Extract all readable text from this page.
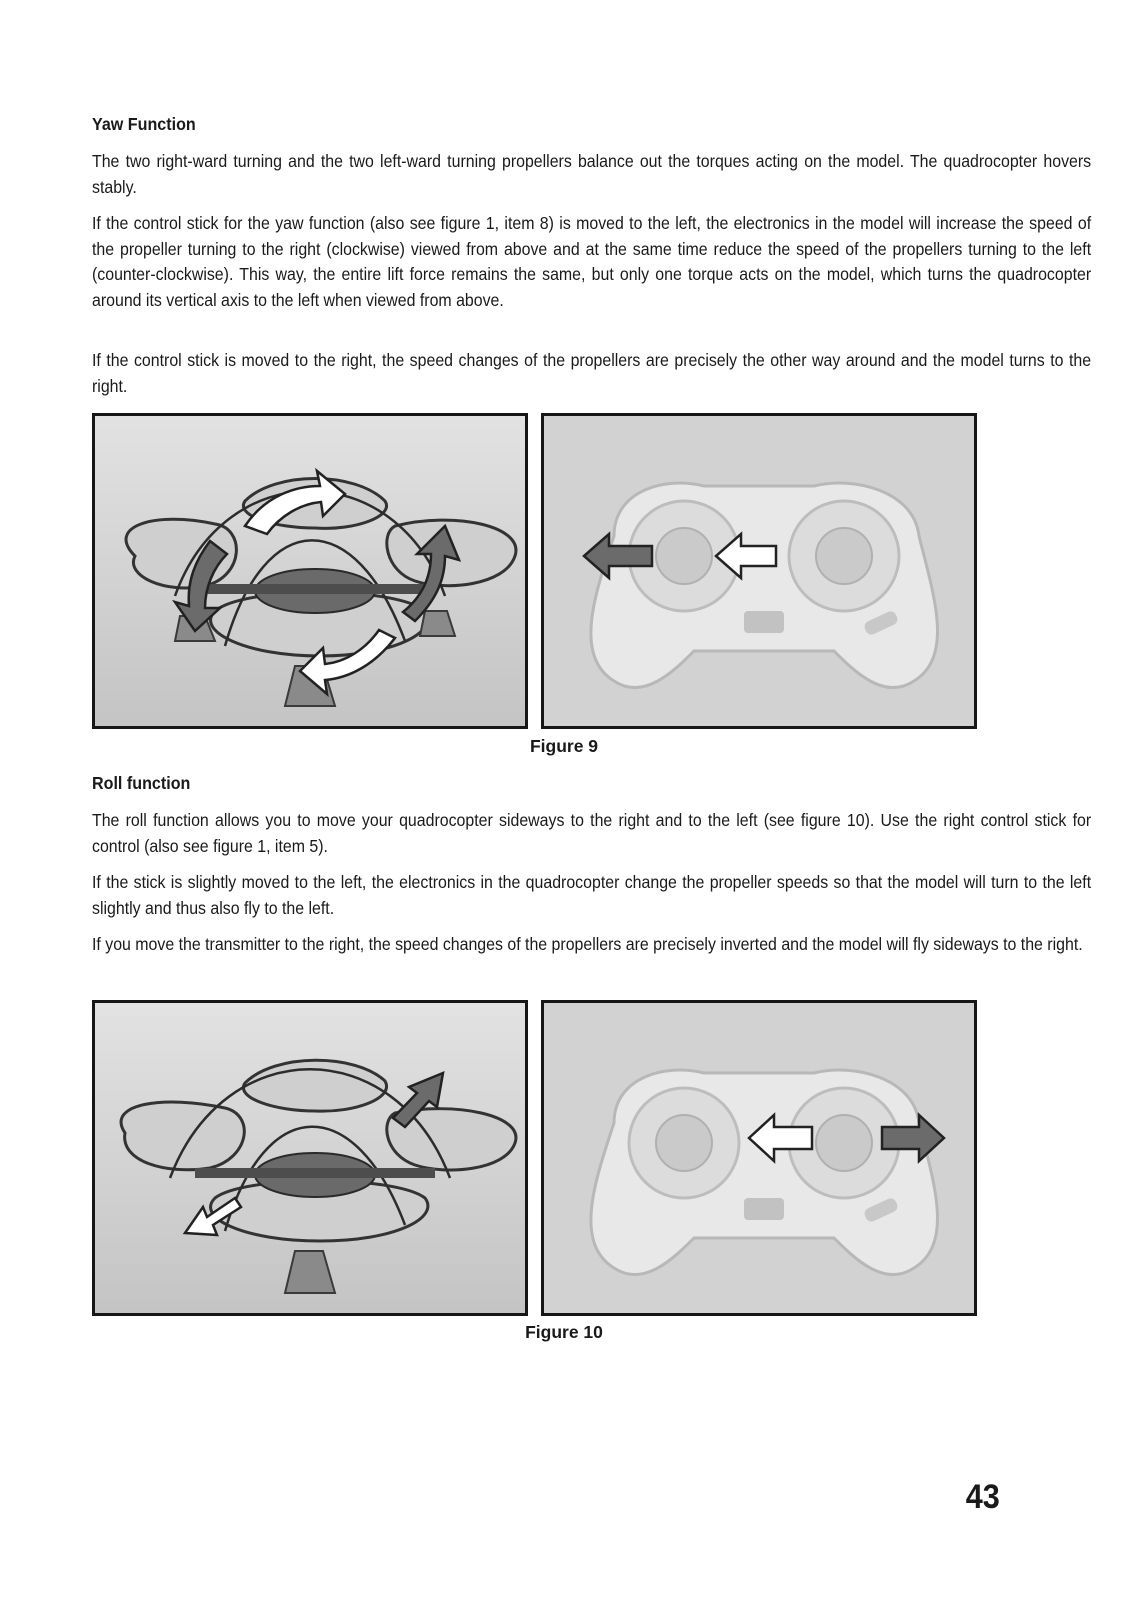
Yaw Function

The two right-ward turning and the two left-ward turning propellers balance out the torques acting on the model. The quadrocopter hovers stably.

If the control stick for the yaw function (also see figure 1, item 8) is moved to the left, the electronics in the model will increase the speed of the propeller turning to the right (clockwise) viewed from above and at the same time reduce the speed of the propellers turning to the left (counter-clockwise). This way, the entire lift force remains the same, but only one torque acts on the model, which turns the quadrocopter around its vertical axis to the left when viewed from above.

If the control stick is moved to the right, the speed changes of the propellers are precisely the other way around and the model turns to the right.

Figure 9

Roll function

The roll function allows you to move your quadrocopter sideways to the right and to the left (see figure 10). Use the right control stick for control (also see figure 1, item 5).

If the stick is slightly moved to the left, the electronics in the quadrocopter change the propeller speeds so that the model will turn to the left slightly and thus also fly to the left.

If you move the transmitter to the right, the speed changes of the propellers are precisely inverted and the model will fly sideways to the right.

Figure 10

43
